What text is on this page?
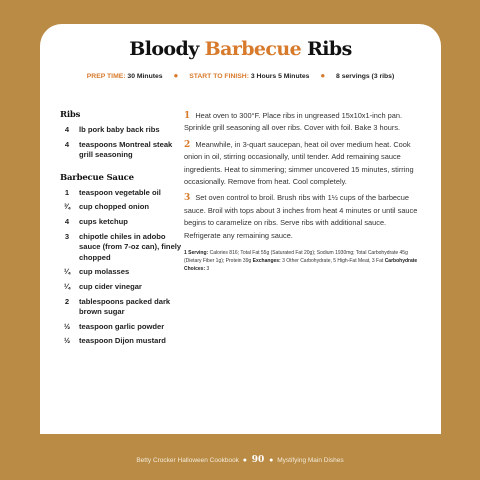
Bloody Barbecue Ribs
PREP TIME: 30 Minutes ● START TO FINISH: 3 Hours 5 Minutes ● 8 servings (3 ribs)
Ribs
4	lb pork baby back ribs
4	teaspoons Montreal steak grill seasoning
Barbecue Sauce
1	teaspoon vegetable oil
¾	cup chopped onion
4	cups ketchup
3	chipotle chiles in adobo sauce (from 7-oz can), finely chopped
¼	cup molasses
¼	cup cider vinegar
2	tablespoons packed dark brown sugar
½	teaspoon garlic powder
½	teaspoon Dijon mustard
1 Heat oven to 300°F. Place ribs in ungreased 15x10x1-inch pan. Sprinkle grill seasoning all over ribs. Cover with foil. Bake 3 hours.
2 Meanwhile, in 3-quart saucepan, heat oil over medium heat. Cook onion in oil, stirring occasionally, until tender. Add remaining sauce ingredients. Heat to simmering; simmer uncovered 15 minutes, stirring occasionally. Remove from heat. Cool completely.
3 Set oven control to broil. Brush ribs with 1½ cups of the barbecue sauce. Broil with tops about 3 inches from heat 4 minutes or until sauce begins to caramelize on ribs. Serve ribs with additional sauce. Refrigerate any remaining sauce.
1 Serving: Calories 816; Total Fat 55g (Saturated Fat 20g); Sodium 1930mg; Total Carbohydrate 45g (Dietary Fiber 1g); Protein 39g Exchanges: 3 Other Carbohydrate, 5 High-Fat Meat, 3 Fat Carbohydrate Choices: 3
Betty Crocker Halloween Cookbook ● 90 ● Mystifying Main Dishes
